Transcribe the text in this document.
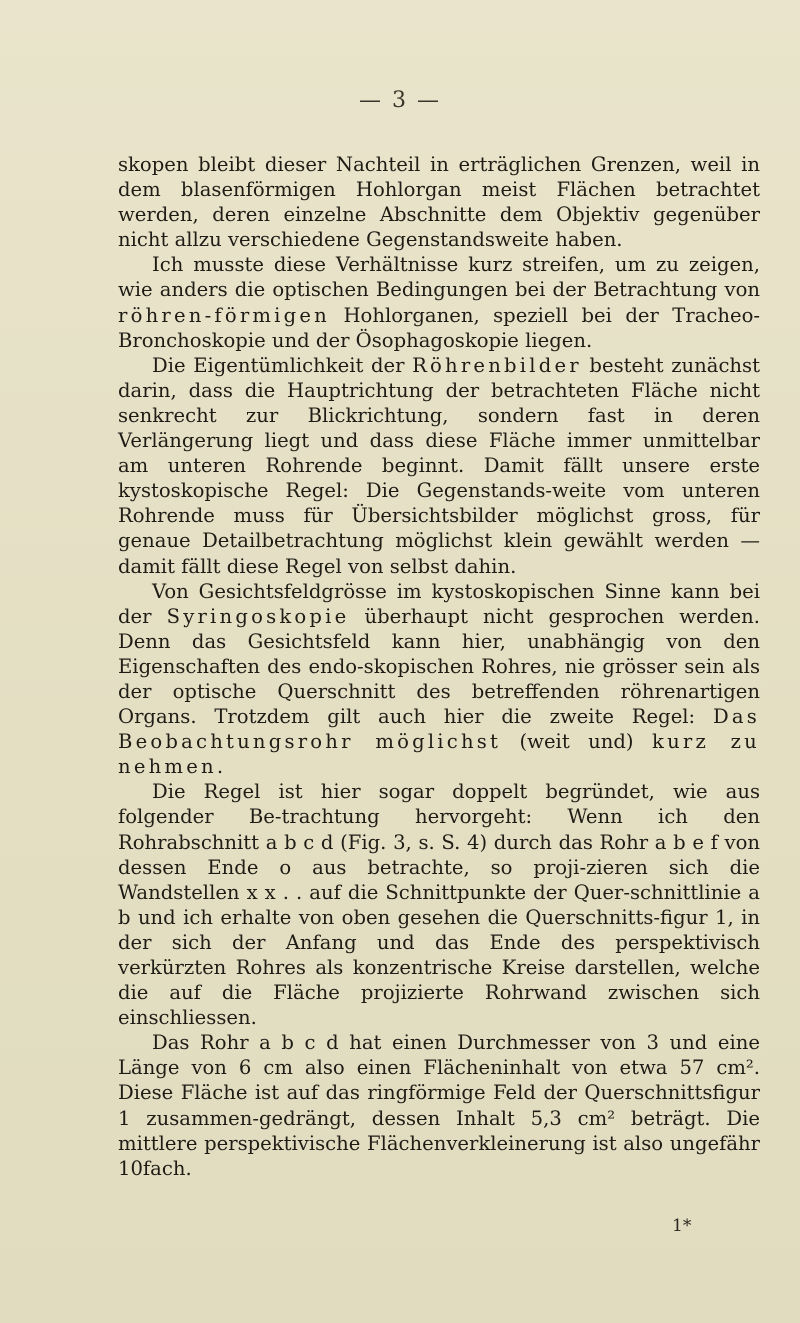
— 3 —

skopen bleibt dieser Nachteil in erträglichen Grenzen, weil in dem blasenförmigen Hohlorgan meist Flächen betrachtet werden, deren einzelne Abschnitte dem Objektiv gegenüber nicht allzu verschiedene Gegenstandsweite haben.

Ich musste diese Verhältnisse kurz streifen, um zu zeigen, wie anders die optischen Bedingungen bei der Betrachtung von röhren-förmigen Hohlorganen, speziell bei der Tracheo-Bronchoskopie und der Ösophagoskopie liegen.

Die Eigentümlichkeit der Röhrenbilder besteht zunächst darin, dass die Hauptrichtung der betrachteten Fläche nicht senkrecht zur Blickrichtung, sondern fast in deren Verlängerung liegt und dass diese Fläche immer unmittelbar am unteren Rohrende beginnt. Damit fällt unsere erste kystoskopische Regel: Die Gegenstands-weite vom unteren Rohrende muss für Übersichtsbilder möglichst gross, für genaue Detailbetrachtung möglichst klein gewählt werden — damit fällt diese Regel von selbst dahin.

Von Gesichtsfeldgrösse im kystoskopischen Sinne kann bei der Syringoskopie überhaupt nicht gesprochen werden. Denn das Gesichtsfeld kann hier, unabhängig von den Eigenschaften des endo-skopischen Rohres, nie grösser sein als der optische Querschnitt des betreffenden röhrenartigen Organs. Trotzdem gilt auch hier die zweite Regel: Das Beobachtungsrohr möglichst (weit und) kurz zu nehmen.

Die Regel ist hier sogar doppelt begründet, wie aus folgender Be-trachtung hervorgeht: Wenn ich den Rohrabschnitt a b c d (Fig. 3, s. S. 4) durch das Rohr a b e f von dessen Ende o aus betrachte, so proji-zieren sich die Wandstellen x x . . auf die Schnittpunkte der Quer-schnittlinie a b und ich erhalte von oben gesehen die Querschnitts-figur 1, in der sich der Anfang und das Ende des perspektivisch verkürzten Rohres als konzentrische Kreise darstellen, welche die auf die Fläche projizierte Rohrwand zwischen sich einschliessen.

Das Rohr a b c d hat einen Durchmesser von 3 und eine Länge von 6 cm also einen Flächeninhalt von etwa 57 cm². Diese Fläche ist auf das ringförmige Feld der Querschnittsfigur 1 zusammen-gedrängt, dessen Inhalt 5,3 cm² beträgt. Die mittlere perspektivische Flächenverkleinerung ist also ungefähr 10fach.

1*
